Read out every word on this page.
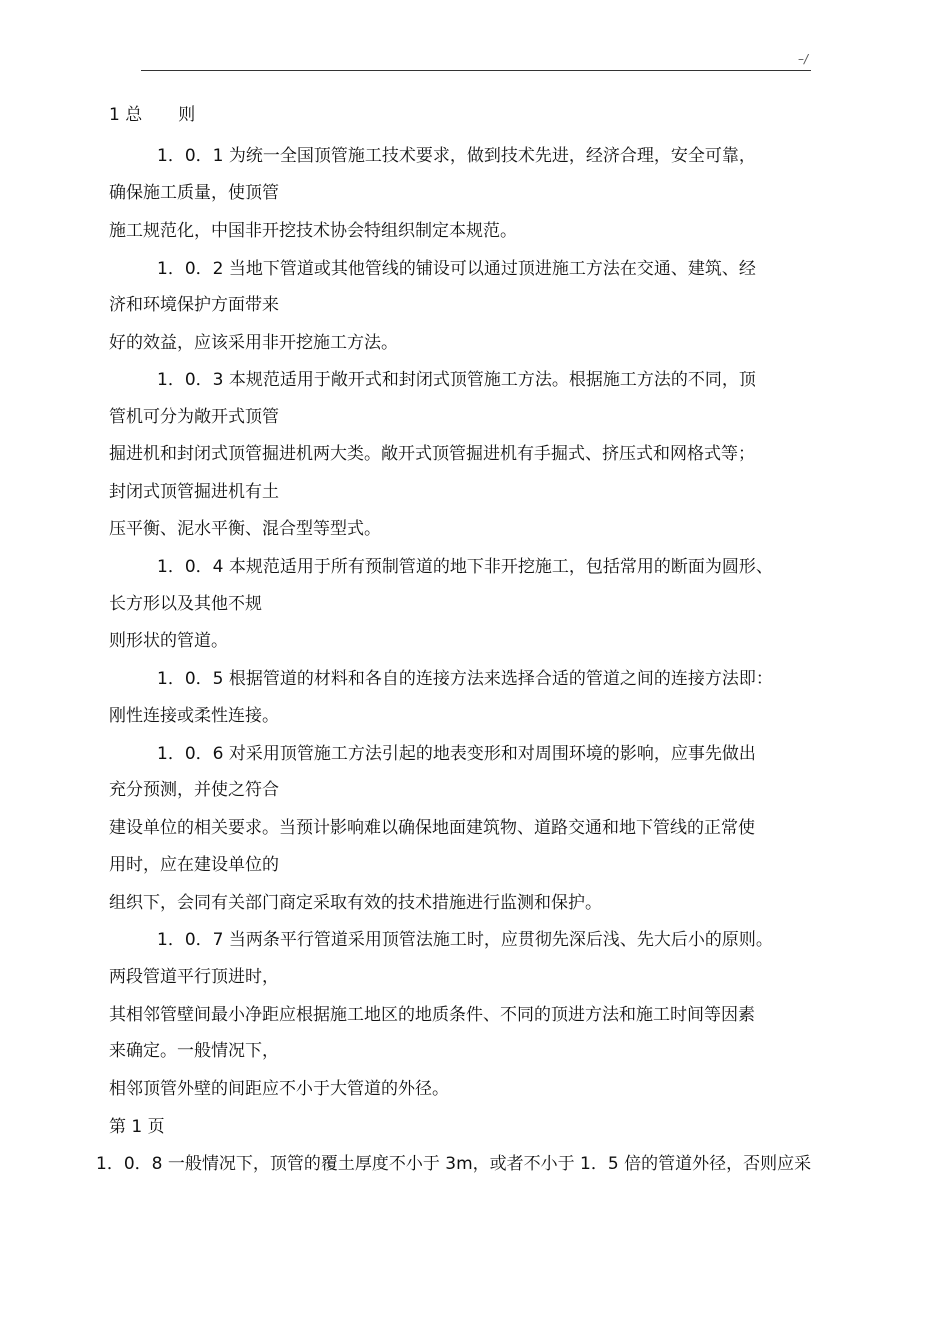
–/
1 总 则
1．0．1 为统一全国顶管施工技术要求，做到技术先进，经济合理，安全可靠，
确保施工质量，使顶管
施工规范化，中国非开挖技术协会特组织制定本规范。
1．0．2 当地下管道或其他管线的铺设可以通过顶进施工方法在交通、建筑、经
济和环境保护方面带来
好的效益，应该采用非开挖施工方法。
1．0．3 本规范适用于敞开式和封闭式顶管施工方法。根据施工方法的不同，顶
管机可分为敞开式顶管
掘进机和封闭式顶管掘进机两大类。敞开式顶管掘进机有手掘式、挤压式和网格式等；
封闭式顶管掘进机有土
压平衡、泥水平衡、混合型等型式。
1．0．4 本规范适用于所有预制管道的地下非开挖施工，包括常用的断面为圆形、
长方形以及其他不规
则形状的管道。
1．0．5 根据管道的材料和各自的连接方法来选择合适的管道之间的连接方法即：
刚性连接或柔性连接。
1．0．6 对采用顶管施工方法引起的地表变形和对周围环境的影响，应事先做出
充分预测，并使之符合
建设单位的相关要求。当预计影响难以确保地面建筑物、道路交通和地下管线的正常使
用时，应在建设单位的
组织下，会同有关部门商定采取有效的技术措施进行监测和保护。
1．0．7 当两条平行管道采用顶管法施工时，应贯彻先深后浅、先大后小的原则。
两段管道平行顶进时，
其相邻管壁间最小净距应根据施工地区的地质条件、不同的顶进方法和施工时间等因素
来确定。一般情况下，
相邻顶管外壁的间距应不小于大管道的外径。
第 1 页
1．0．8 一般情况下，顶管的覆土厚度不小于 3m，或者不小于 1．5 倍的管道外径，否则应采
